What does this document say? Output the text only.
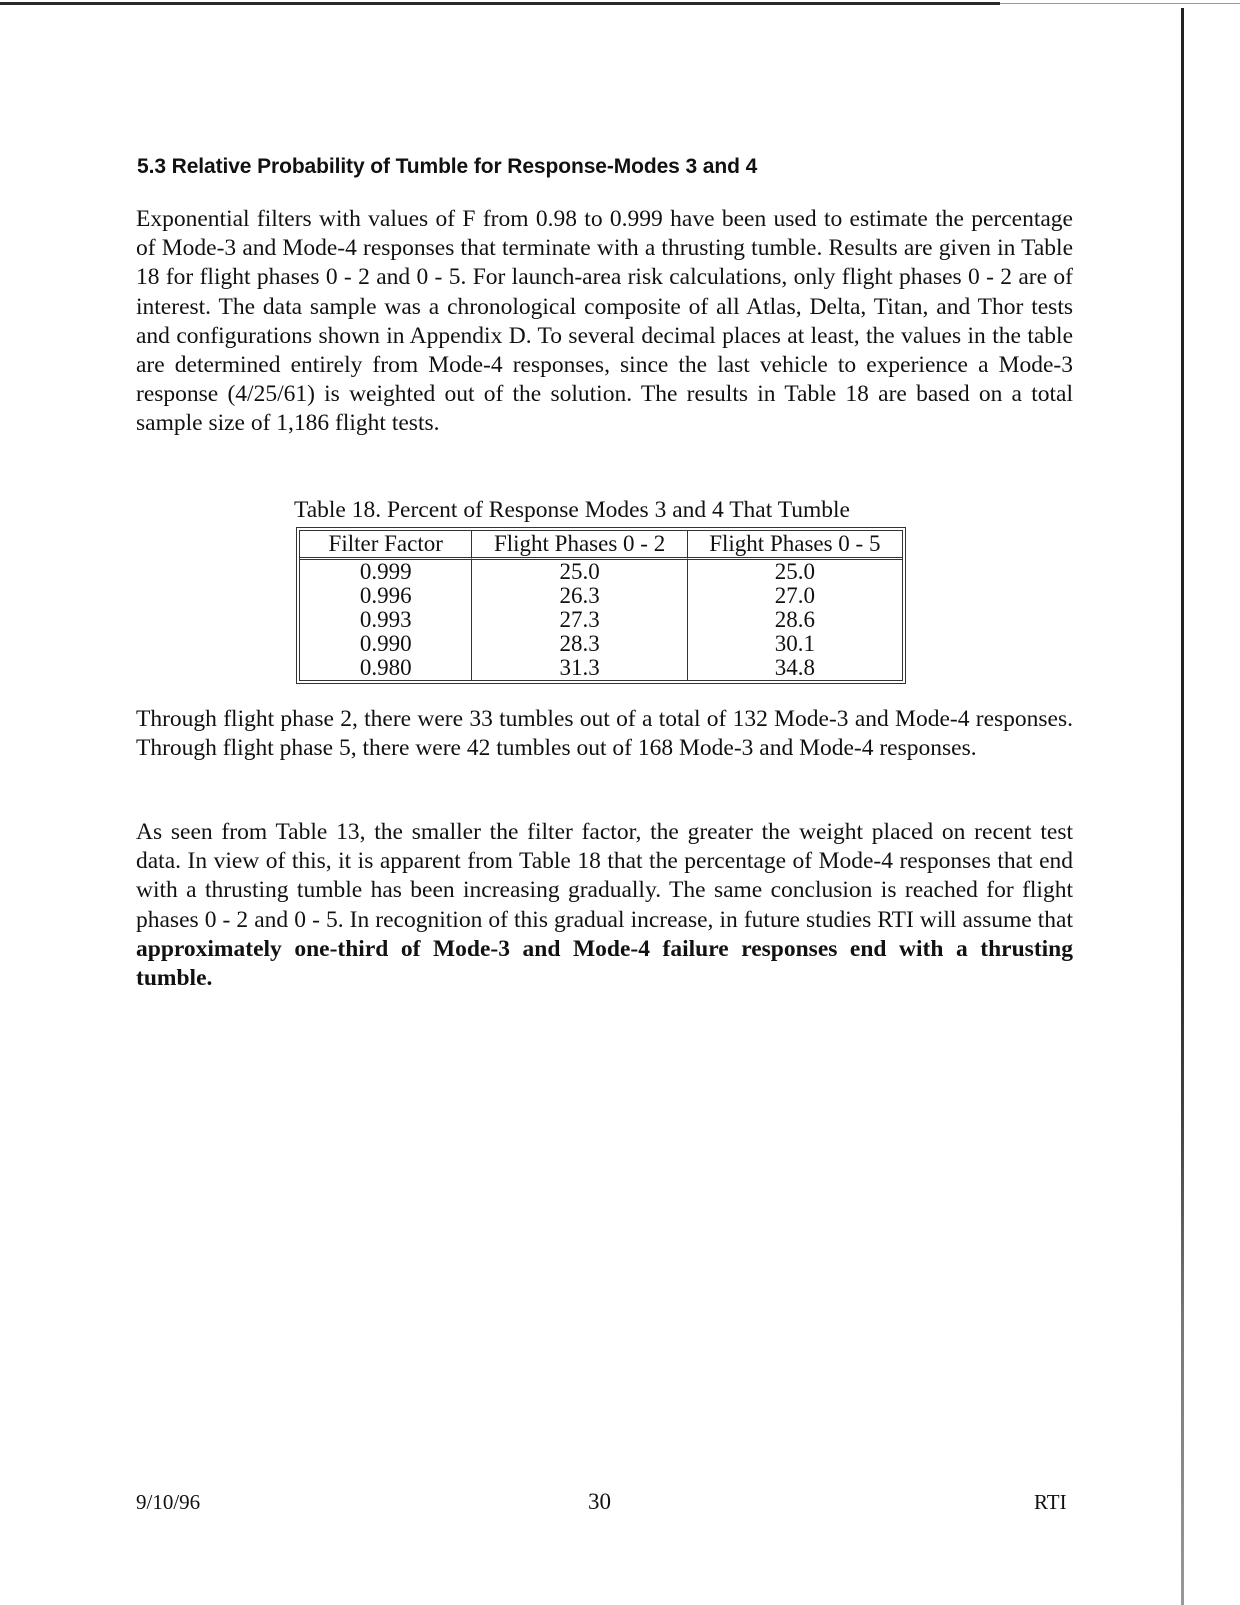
5.3 Relative Probability of Tumble for Response-Modes 3 and 4

Exponential filters with values of F from 0.98 to 0.999 have been used to estimate the percentage of Mode-3 and Mode-4 responses that terminate with a thrusting tumble. Results are given in Table 18 for flight phases 0 - 2 and 0 - 5. For launch-area risk calculations, only flight phases 0 - 2 are of interest. The data sample was a chronological composite of all Atlas, Delta, Titan, and Thor tests and configurations shown in Appendix D. To several decimal places at least, the values in the table are determined entirely from Mode-4 responses, since the last vehicle to experience a Mode-3 response (4/25/61) is weighted out of the solution. The results in Table 18 are based on a total sample size of 1,186 flight tests.

Table 18. Percent of Response Modes 3 and 4 That Tumble

Filter Factor	Flight Phases 0 - 2	Flight Phases 0 - 5
0.999	25.0	25.0
0.996	26.3	27.0
0.993	27.3	28.6
0.990	28.3	30.1
0.980	31.3	34.8

Through flight phase 2, there were 33 tumbles out of a total of 132 Mode-3 and Mode-4 responses. Through flight phase 5, there were 42 tumbles out of 168 Mode-3 and Mode-4 responses.

As seen from Table 13, the smaller the filter factor, the greater the weight placed on recent test data. In view of this, it is apparent from Table 18 that the percentage of Mode-4 responses that end with a thrusting tumble has been increasing gradually. The same conclusion is reached for flight phases 0 - 2 and 0 - 5. In recognition of this gradual increase, in future studies RTI will assume that approximately one-third of Mode-3 and Mode-4 failure responses end with a thrusting tumble.

9/10/96	30	RTI
